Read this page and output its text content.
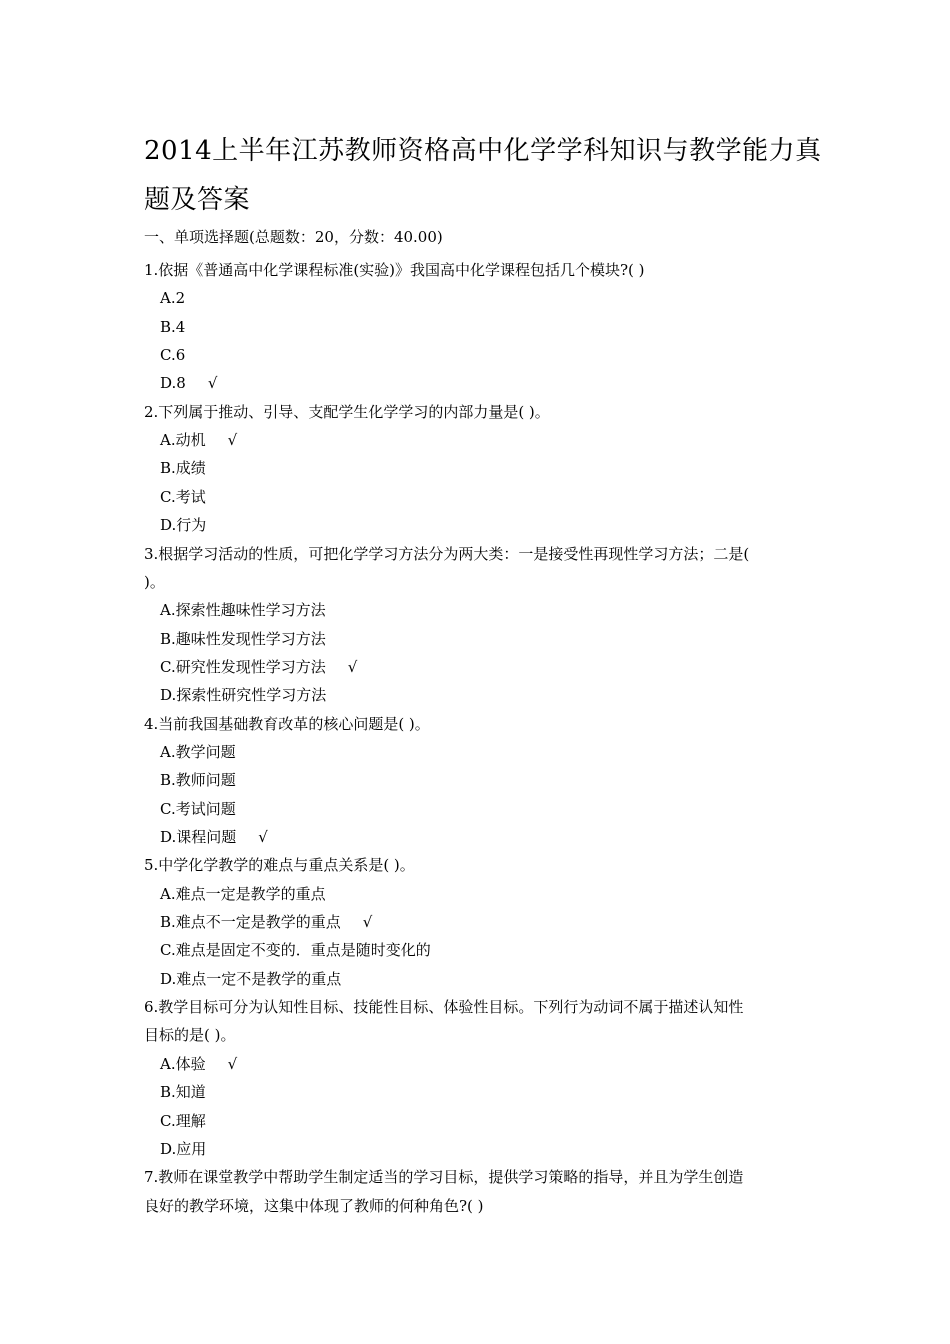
2014上半年江苏教师资格高中化学学科知识与教学能力真
题及答案
一、单项选择题(总题数：20，分数：40.00)
1.依据《普通高中化学课程标准(实验)》我国高中化学课程包括几个模块?( )
A.2
B.4
C.6
D.8 √
2.下列属于推动、引导、支配学生化学学习的内部力量是( )。
A.动机 √
B.成绩
C.考试
D.行为
3.根据学习活动的性质，可把化学学习方法分为两大类：一是接受性再现性学习方法；二是(
)。
A.探索性趣味性学习方法
B.趣味性发现性学习方法
C.研究性发现性学习方法 √
D.探索性研究性学习方法
4.当前我国基础教育改革的核心问题是( )。
A.教学问题
B.教师问题
C.考试问题
D.课程问题 √
5.中学化学教学的难点与重点关系是( )。
A.难点一定是教学的重点
B.难点不一定是教学的重点 √
C.难点是固定不变的．重点是随时变化的
D.难点一定不是教学的重点
6.教学目标可分为认知性目标、技能性目标、体验性目标。下列行为动词不属于描述认知性
目标的是( )。
A.体验 √
B.知道
C.理解
D.应用
7.教师在课堂教学中帮助学生制定适当的学习目标，提供学习策略的指导，并且为学生创造
良好的教学环境，这集中体现了教师的何种角色?( )
